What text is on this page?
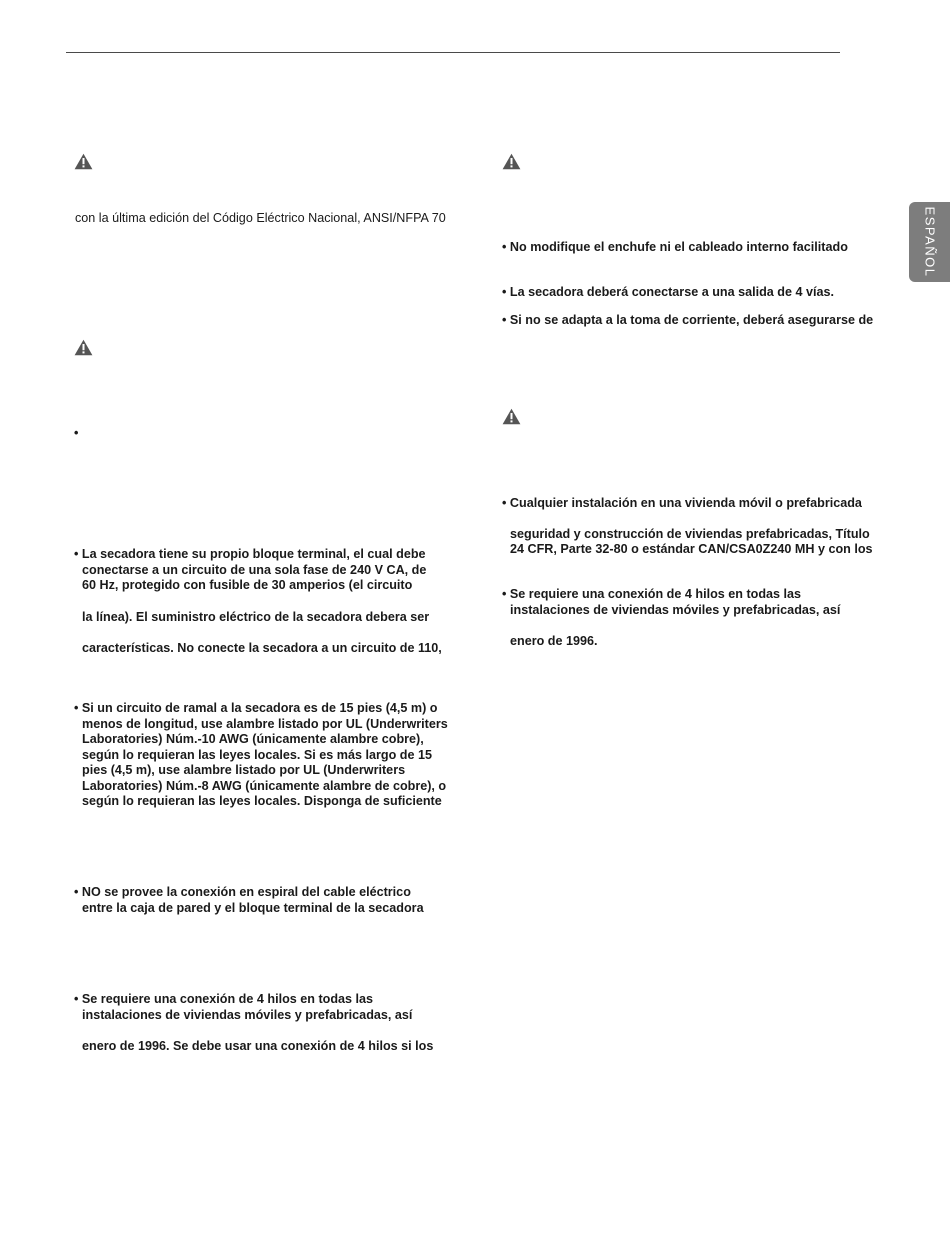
ESPAÑOL
con la última edición del Código Eléctrico Nacional, ANSI/NFPA 70
•
• La secadora tiene su propio bloque terminal, el cual debe
conectarse a un circuito de una sola fase de 240 V CA, de
60 Hz, protegido con fusible de 30 amperios (el circuito
la línea). El suministro eléctrico de la secadora debera ser
características. No conecte la secadora a un circuito de 110,
• Si un circuito de ramal a la secadora es de 15 pies (4,5 m) o
menos de longitud, use alambre listado por UL (Underwriters
Laboratories) Núm.-10 AWG (únicamente alambre cobre),
según lo requieran las leyes locales. Si es más largo de 15
pies (4,5 m), use alambre listado por UL (Underwriters
Laboratories) Núm.-8 AWG (únicamente alambre de cobre), o
según lo requieran las leyes locales. Disponga de suficiente
• NO se provee la conexión en espiral del cable eléctrico
entre la caja de pared y el bloque terminal de la secadora
• Se requiere una conexión de 4 hilos en todas las
instalaciones de viviendas móviles y prefabricadas, así
enero de 1996. Se debe usar una conexión de 4 hilos si los
• No modifique el enchufe ni el cableado interno facilitado
• La secadora deberá conectarse a una salida de 4 vías.
• Si no se adapta a la toma de corriente, deberá asegurarse de
• Cualquier instalación en una vivienda móvil o prefabricada
seguridad y construcción de viviendas prefabricadas, Título
24 CFR, Parte 32-80 o estándar CAN/CSA0Z240 MH y con los
• Se requiere una conexión de 4 hilos en todas las
instalaciones de viviendas móviles y prefabricadas, así
enero de 1996.
